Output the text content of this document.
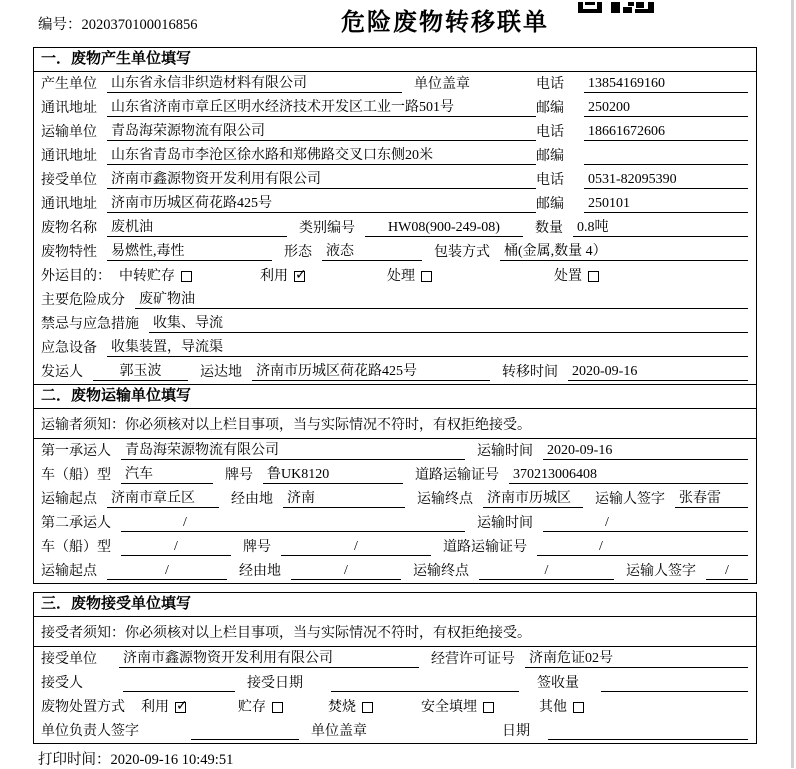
编号：2020370100016856	危险废物转移联单
一．废物产生单位填写
产生单位 山东省永信非织造材料有限公司	单位盖章	电话 13854169160
通讯地址 山东省济南市章丘区明水经济技术开发区工业一路501号	邮编 250200
运输单位 青岛海荣源物流有限公司	电话 18661672606
通讯地址 山东省青岛市李沧区徐水路和郑佛路交叉口东侧20米	邮编
接受单位 济南市鑫源物资开发利用有限公司	电话 0531-82095390
通讯地址 济南市历城区荷花路425号	邮编 250101
废物名称 废机油	类别编号	HW08(900-249-08)	数量 0.8吨
废物特性 易燃性,毒性	形态 液态	包装方式 桶(金属,数量 4）
外运目的： 中转贮存	利用 ✓	处理	处置
主要危险成分 废矿物油
禁忌与应急措施 收集、导流
应急设备 收集装置，导流渠
发运人	郭玉波	运达地 济南市历城区荷花路425号	转移时间 2020-09-16
二．废物运输单位填写
运输者须知： 你必须核对以上栏目事项，当与实际情况不符时，有权拒绝接受。
第一承运人 青岛海荣源物流有限公司	运输时间 2020-09-16
车（船）型 汽车	牌号 鲁UK8120	道路运输证号 370213006408
运输起点 济南市章丘区	经由地 济南	运输终点 济南市历城区	运输人签字 张春雷
第二承运人	/	运输时间	/
车（船）型	/	牌号	/	道路运输证号	/
运输起点	/	经由地	/	运输终点	/	运输人签字	/
三．废物接受单位填写
接受者须知： 你必须核对以上栏目事项，当与实际情况不符时，有权拒绝接受。
接受单位 济南市鑫源物资开发利用有限公司	经营许可证号 济南危证02号
接受人	接受日期	签收量
废物处置方式 利用 ✓	贮存	焚烧	安全填埋	其他
单位负责人签字	单位盖章	日期
打印时间：2020-09-16 10:49:51
